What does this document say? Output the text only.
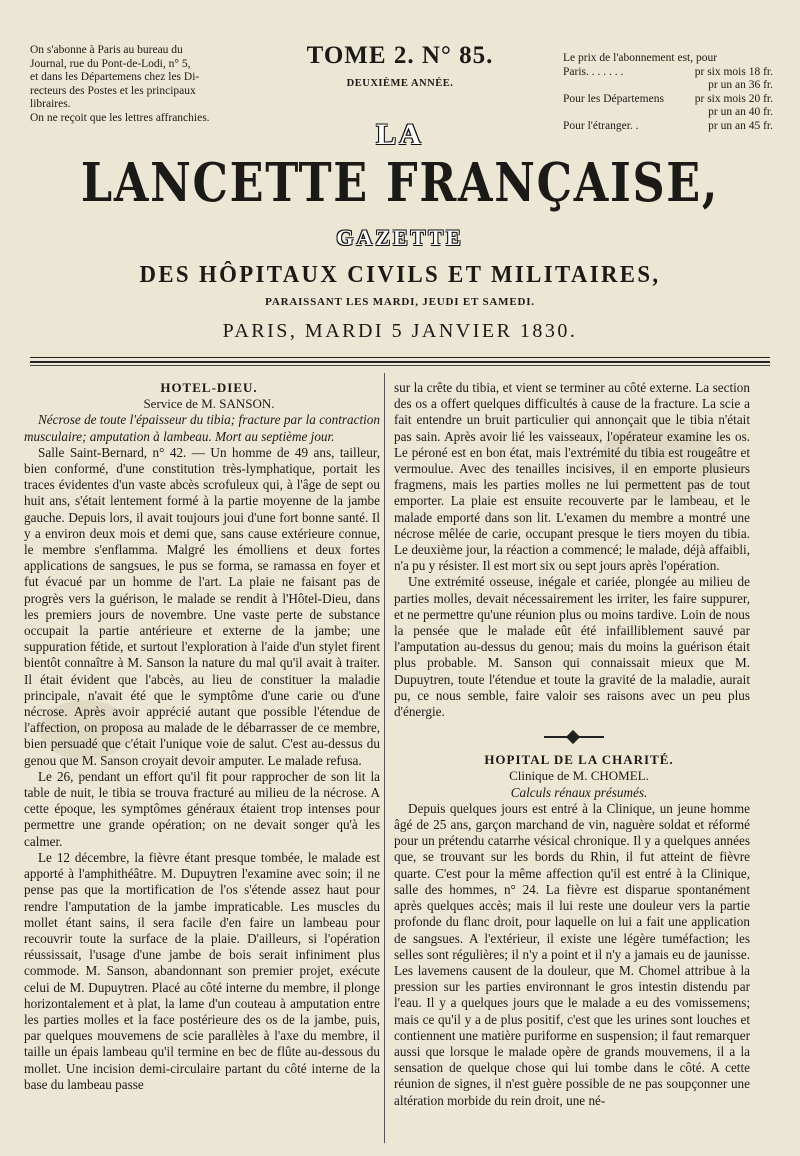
On s'abonne à Paris au bureau du

Journal, rue du Pont-de-Lodi, n° 5,

et dans les Départemens chez les Di-

recteurs des Postes et les principaux

libraires.

On ne reçoit que les lettres affranchies.

TOME 2. N° 85.
DEUXIÈME ANNÉE.
Le prix de l'abonnement est, pour
Paris. . . . . . .	pr six mois 18 fr.
pr un an 36 fr.
Pour les Départemens	pr six mois 20 fr.
pr un an 40 fr.
Pour l'étranger. .	pr un an 45 fr.
LA
LANCETTE FRANÇAISE,
GAZETTE
DES HÔPITAUX CIVILS ET MILITAIRES,
PARAISSANT LES MARDI, JEUDI ET SAMEDI.
PARIS, MARDI 5 JANVIER 1830.

HOTEL-DIEU.

Service de M. SANSON.

Nécrose de toute l'épaisseur du tibia; fracture par la contraction musculaire; amputation à lambeau. Mort au septième jour.

Salle Saint-Bernard, n° 42. — Un homme de 49 ans, tailleur, bien conformé, d'une constitution très-lymphatique, portait les traces évidentes d'un vaste abcès scrofuleux qui, à l'âge de sept ou huit ans, s'était lentement formé à la partie moyenne de la jambe gauche. Depuis lors, il avait toujours joui d'une fort bonne santé. Il y a environ deux mois et demi que, sans cause extérieure connue, le membre s'enflamma. Malgré les émolliens et deux fortes applications de sangsues, le pus se forma, se ramassa en foyer et fut évacué par un homme de l'art. La plaie ne faisant pas de progrès vers la guérison, le malade se rendit à l'Hôtel-Dieu, dans les premiers jours de novembre. Une vaste perte de substance occupait la partie antérieure et externe de la jambe; une suppuration fétide, et surtout l'exploration à l'aide d'un stylet firent bientôt connaître à M. Sanson la nature du mal qu'il avait à traiter. Il était évident que l'abcès, au lieu de constituer la maladie principale, n'avait été que le symptôme d'une carie ou d'une nécrose. Après avoir apprécié autant que possible l'étendue de l'affection, on proposa au malade de le débarrasser de ce membre, bien persuadé que c'était l'unique voie de salut. C'est au-dessus du genou que M. Sanson croyait devoir amputer. Le malade refusa.

Le 26, pendant un effort qu'il fit pour rapprocher de son lit la table de nuit, le tibia se trouva fracturé au milieu de la nécrose. A cette époque, les symptômes généraux étaient trop intenses pour permettre une grande opération; on ne devait songer qu'à les calmer.

Le 12 décembre, la fièvre étant presque tombée, le malade est apporté à l'amphithéâtre. M. Dupuytren l'examine avec soin; il ne pense pas que la mortification de l'os s'étende assez haut pour rendre l'amputation de la jambe impraticable. Les muscles du mollet étant sains, il sera facile d'en faire un lambeau pour recouvrir toute la surface de la plaie. D'ailleurs, si l'opération réussissait, l'usage d'une jambe de bois serait infiniment plus commode. M. Sanson, abandonnant son premier projet, exécute celui de M. Dupuytren. Placé au côté interne du membre, il plonge horizontalement et à plat, la lame d'un couteau à amputation entre les parties molles et la face postérieure des os de la jambe, puis, par quelques mouvemens de scie parallèles à l'axe du membre, il taille un épais lambeau qu'il termine en bec de flûte au-dessous du mollet. Une incision demi-circulaire partant du côté interne de la base du lambeau passe

sur la crête du tibia, et vient se terminer au côté externe. La section des os a offert quelques difficultés à cause de la fracture. La scie a fait entendre un bruit particulier qui annonçait que le tibia n'était pas sain. Après avoir lié les vaisseaux, l'opérateur examine les os. Le péroné est en bon état, mais l'extrémité du tibia est rougeâtre et vermoulue. Avec des tenailles incisives, il en emporte plusieurs fragmens, mais les parties molles ne lui permettent pas de tout emporter. La plaie est ensuite recouverte par le lambeau, et le malade emporté dans son lit. L'examen du membre a montré une nécrose mêlée de carie, occupant presque le tiers moyen du tibia. Le deuxième jour, la réaction a commencé; le malade, déjà affaibli, n'a pu y résister. Il est mort six ou sept jours après l'opération.

Une extrémité osseuse, inégale et cariée, plongée au milieu de parties molles, devait nécessairement les irriter, les faire suppurer, et ne permettre qu'une réunion plus ou moins tardive. Loin de nous la pensée que le malade eût été infailliblement sauvé par l'amputation au-dessus du genou; mais du moins la guérison était plus probable. M. Sanson qui connaissait mieux que M. Dupuytren, toute l'étendue et toute la gravité de la maladie, aurait pu, ce nous semble, faire valoir ses raisons avec un peu plus d'énergie.

HOPITAL DE LA CHARITÉ.

Clinique de M. CHOMEL.

Calculs rénaux présumés.

Depuis quelques jours est entré à la Clinique, un jeune homme âgé de 25 ans, garçon marchand de vin, naguère soldat et réformé pour un prétendu catarrhe vésical chronique. Il y a quelques années que, se trouvant sur les bords du Rhin, il fut atteint de fièvre quarte. C'est pour la même affection qu'il est entré à la Clinique, salle des hommes, n° 24. La fièvre est disparue spontanément après quelques accès; mais il lui reste une douleur vers la partie profonde du flanc droit, pour laquelle on lui a fait une application de sangsues. A l'extérieur, il existe une légère tuméfaction; les selles sont régulières; il n'y a point et il n'y a jamais eu de jaunisse. Les lavemens causent de la douleur, que M. Chomel attribue à la pression sur les parties environnant le gros intestin distendu par l'eau. Il y a quelques jours que le malade a eu des vomissemens; mais ce qu'il y a de plus positif, c'est que les urines sont louches et contiennent une matière puriforme en suspension; il faut remarquer aussi que lorsque le malade opère de grands mouvemens, il a la sensation de quelque chose qui lui tombe dans le côté. A cette réunion de signes, il n'est guère possible de ne pas soupçonner une altération morbide du rein droit, une né-
